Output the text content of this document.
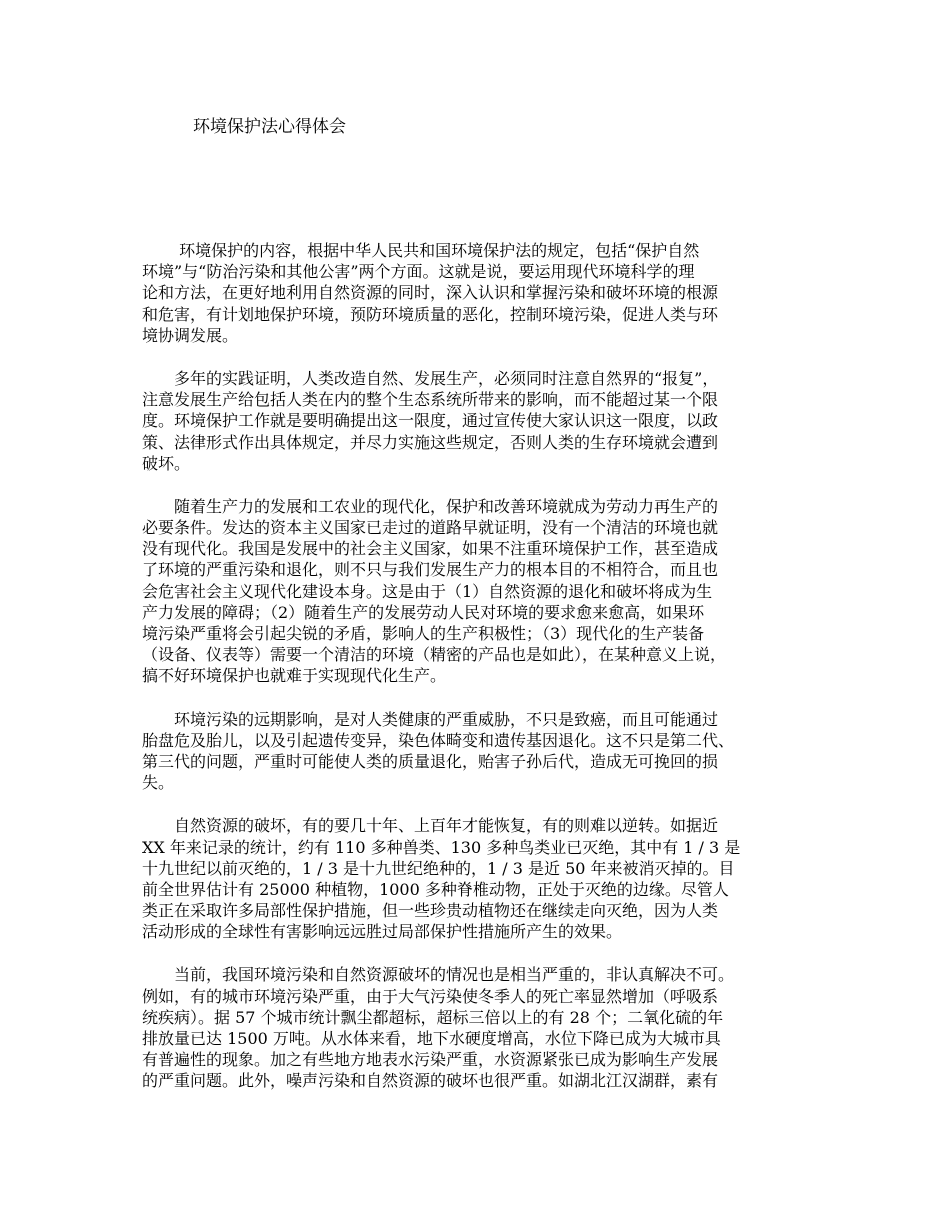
环境保护法心得体会
　　 环境保护的内容，根据中华人民共和国环境保护法的规定，包括“保护自然
环境”与“防治污染和其他公害”两个方面。这就是说，要运用现代环境科学的理
论和方法，在更好地利用自然资源的同时，深入认识和掌握污染和破坏环境的根源
和危害，有计划地保护环境，预防环境质量的恶化，控制环境污染，促进人类与环
境协调发展。
　　多年的实践证明，人类改造自然、发展生产，必须同时注意自然界的“报复”，
注意发展生产给包括人类在内的整个生态系统所带来的影响，而不能超过某一个限
度。环境保护工作就是要明确提出这一限度，通过宣传使大家认识这一限度，以政
策、法律形式作出具体规定，并尽力实施这些规定，否则人类的生存环境就会遭到
破坏。
　　随着生产力的发展和工农业的现代化，保护和改善环境就成为劳动力再生产的
必要条件。发达的资本主义国家已走过的道路早就证明，没有一个清洁的环境也就
没有现代化。我国是发展中的社会主义国家，如果不注重环境保护工作，甚至造成
了环境的严重污染和退化，则不只与我们发展生产力的根本目的不相符合，而且也
会危害社会主义现代化建设本身。这是由于（1）自然资源的退化和破坏将成为生
产力发展的障碍；（2）随着生产的发展劳动人民对环境的要求愈来愈高，如果环
境污染严重将会引起尖锐的矛盾，影响人的生产积极性；（3）现代化的生产装备
（设备、仪表等）需要一个清洁的环境（精密的产品也是如此），在某种意义上说，
搞不好环境保护也就难于实现现代化生产。
　　环境污染的远期影响，是对人类健康的严重威胁，不只是致癌，而且可能通过
胎盘危及胎儿，以及引起遗传变异，染色体畸变和遗传基因退化。这不只是第二代、
第三代的问题，严重时可能使人类的质量退化，贻害子孙后代，造成无可挽回的损
失。
　　自然资源的破坏，有的要几十年、上百年才能恢复，有的则难以逆转。如据近
XX 年来记录的统计，约有 110 多种兽类、130 多种鸟类业已灭绝，其中有 1 / 3 是
十九世纪以前灭绝的，1 / 3 是十九世纪绝种的，1 / 3 是近 50 年来被消灭掉的。目
前全世界估计有 25000 种植物，1000 多种脊椎动物，正处于灭绝的边缘。尽管人
类正在采取许多局部性保护措施，但一些珍贵动植物还在继续走向灭绝，因为人类
活动形成的全球性有害影响远远胜过局部保护性措施所产生的效果。
　　当前，我国环境污染和自然资源破坏的情况也是相当严重的，非认真解决不可。
例如，有的城市环境污染严重，由于大气污染使冬季人的死亡率显然增加（呼吸系
统疾病）。据 57 个城市统计飘尘都超标，超标三倍以上的有 28 个；二氧化硫的年
排放量已达 1500 万吨。从水体来看，地下水硬度增高，水位下降已成为大城市具
有普遍性的现象。加之有些地方地表水污染严重，水资源紧张已成为影响生产发展
的严重问题。此外，噪声污染和自然资源的破坏也很严重。如湖北江汉湖群，素有
